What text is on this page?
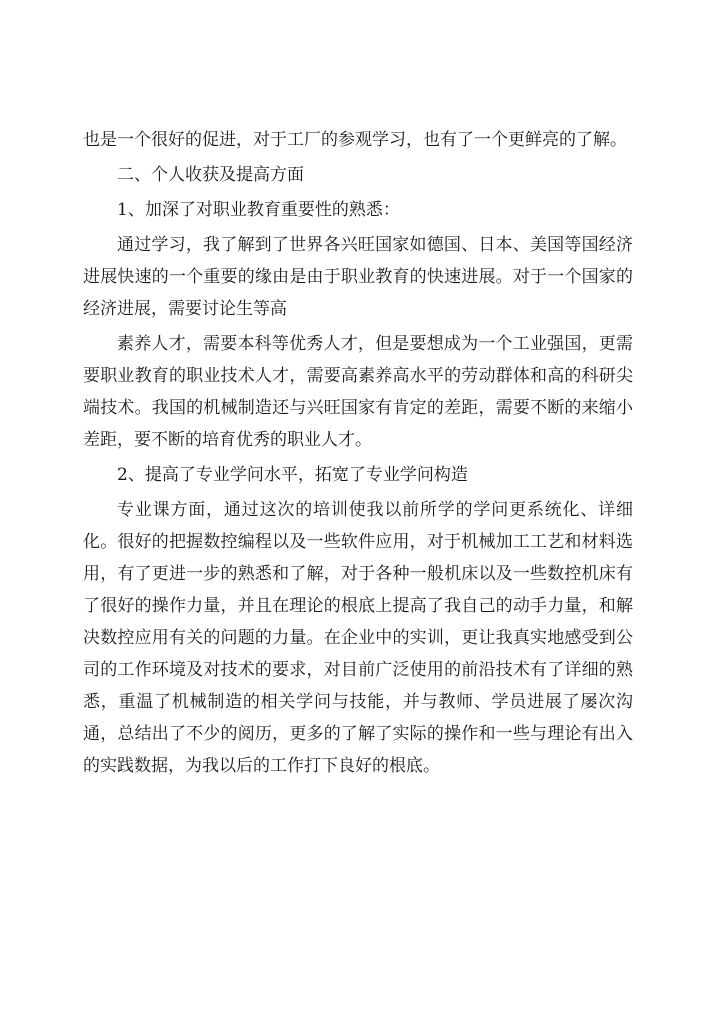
也是一个很好的促进，对于工厂的参观学习，也有了一个更鲜亮的了解。

二、个人收获及提高方面

1、加深了对职业教育重要性的熟悉：

通过学习，我了解到了世界各兴旺国家如德国、日本、美国等国经济进展快速的一个重要的缘由是由于职业教育的快速进展。对于一个国家的经济进展，需要讨论生等高

素养人才，需要本科等优秀人才，但是要想成为一个工业强国，更需要职业教育的职业技术人才，需要高素养高水平的劳动群体和高的科研尖端技术。我国的机械制造还与兴旺国家有肯定的差距，需要不断的来缩小差距，要不断的培育优秀的职业人才。

2、提高了专业学问水平，拓宽了专业学问构造

专业课方面，通过这次的培训使我以前所学的学问更系统化、详细化。很好的把握数控编程以及一些软件应用，对于机械加工工艺和材料选用，有了更进一步的熟悉和了解，对于各种一般机床以及一些数控机床有了很好的操作力量，并且在理论的根底上提高了我自己的动手力量，和解决数控应用有关的问题的力量。在企业中的实训，更让我真实地感受到公司的工作环境及对技术的要求，对目前广泛使用的前沿技术有了详细的熟悉，重温了机械制造的相关学问与技能，并与教师、学员进展了屡次沟通，总结出了不少的阅历，更多的了解了实际的操作和一些与理论有出入的实践数据，为我以后的工作打下良好的根底。
